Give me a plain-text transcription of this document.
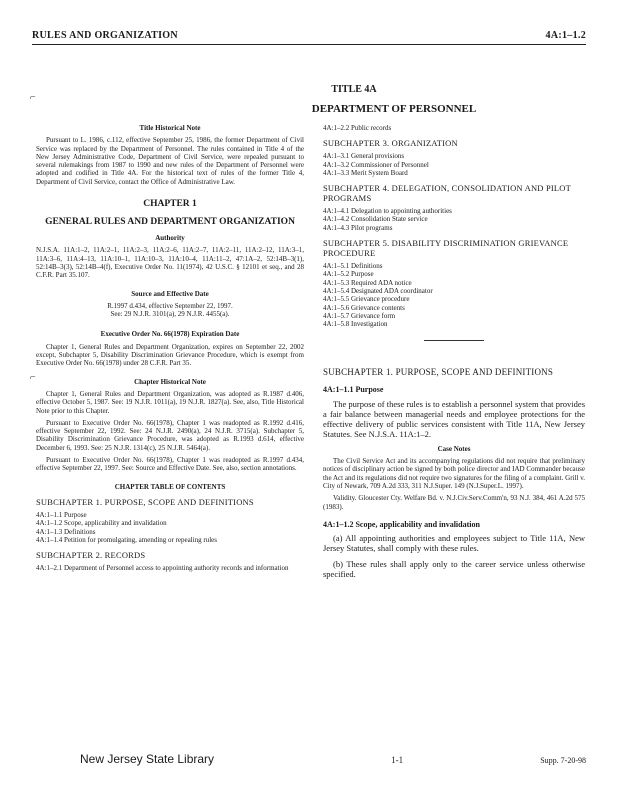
RULES AND ORGANIZATION	4A:1–1.2
⌐
⌐
TITLE 4A
DEPARTMENT OF PERSONNEL
Title Historical Note

Pursuant to L. 1986, c.112, effective September 25, 1986, the former Department of Civil Service was replaced by the Department of Personnel. The rules contained in Title 4 of the New Jersey Administrative Code, Department of Civil Service, were repealed pursuant to several rulemakings from 1987 to 1990 and new rules of the Department of Personnel were adopted and codified in Title 4A. For the historical text of rules of the former Title 4, Department of Civil Service, contact the Office of Administrative Law.

CHAPTER 1
GENERAL RULES AND DEPARTMENT ORGANIZATION
Authority

N.J.S.A. 11A:1–2, 11A:2–1, 11A:2–3, 11A:2–6, 11A:2–7, 11A:2–11, 11A:2–12, 11A:3–1, 11A:3–6, 11A:4–13, 11A:10–1, 11A:10–3, 11A:10–4, 11A:11–2, 47:1A–2, 52:14B–3(1), 52:14B–3(3), 52:14B–4(f), Executive Order No. 11(1974), 42 U.S.C. § 12101 et seq., and 28 C.F.R. Part 35.107.

Source and Effective Date

R.1997 d.434, effective September 22, 1997.

See: 29 N.J.R. 3101(a), 29 N.J.R. 4455(a).

Executive Order No. 66(1978) Expiration Date

Chapter 1, General Rules and Department Organization, expires on September 22, 2002 except, Subchapter 5, Disability Discrimination Grievance Procedure, which is exempt from Executive Order No. 66(1978) under 28 C.F.R. Part 35.

Chapter Historical Note

Chapter 1, General Rules and Department Organization, was adopted as R.1987 d.406, effective October 5, 1987. See: 19 N.J.R. 1011(a), 19 N.J.R. 1827(a). See, also, Title Historical Note prior to this Chapter.

Pursuant to Executive Order No. 66(1978), Chapter 1 was readopted as R.1992 d.416, effective September 22, 1992. See: 24 N.J.R. 2490(a), 24 N.J.R. 3715(a). Subchapter 5, Disability Discrimination Grievance Procedure, was adopted as R.1993 d.614, effective December 6, 1993. See: 25 N.J.R. 1314(c), 25 N.J.R. 5464(a).

Pursuant to Executive Order No. 66(1978), Chapter 1 was readopted as R.1997 d.434, effective September 22, 1997. See: Source and Effective Date. See, also, section annotations.

CHAPTER TABLE OF CONTENTS
SUBCHAPTER 1. PURPOSE, SCOPE AND DEFINITIONS
4A:1–1.1 Purpose
4A:1–1.2 Scope, applicability and invalidation
4A:1–1.3 Definitions
4A:1–1.4 Petition for promulgating, amending or repealing rules
SUBCHAPTER 2. RECORDS
4A:1–2.1 Department of Personnel access to appointing authority records and information
4A:1–2.2 Public records
SUBCHAPTER 3. ORGANIZATION
4A:1–3.1 General provisions
4A:1–3.2 Commissioner of Personnel
4A:1–3.3 Merit System Board
SUBCHAPTER 4. DELEGATION, CONSOLIDATION AND PILOT PROGRAMS
4A:1–4.1 Delegation to appointing authorities
4A:1–4.2 Consolidation State service
4A:1–4.3 Pilot programs
SUBCHAPTER 5. DISABILITY DISCRIMINATION GRIEVANCE PROCEDURE
4A:1–5.1 Definitions
4A:1–5.2 Purpose
4A:1–5.3 Required ADA notice
4A:1–5.4 Designated ADA coordinator
4A:1–5.5 Grievance procedure
4A:1–5.6 Grievance contents
4A:1–5.7 Grievance form
4A:1–5.8 Investigation
SUBCHAPTER 1. PURPOSE, SCOPE AND DEFINITIONS
4A:1–1.1 Purpose

The purpose of these rules is to establish a personnel system that provides a fair balance between managerial needs and employee protections for the effective delivery of public services consistent with Title 11A, New Jersey Statutes. See N.J.S.A. 11A:1–2.

Case Notes

The Civil Service Act and its accompanying regulations did not require that preliminary notices of disciplinary action be signed by both police director and IAD Commander because the Act and its regulations did not require two signatures for the filing of a complaint. Grill v. City of Newark, 709 A.2d 333, 311 N.J.Super. 149 (N.J.Super.L. 1997).

Validity. Gloucester Cty. Welfare Bd. v. N.J.Civ.Serv.Comm'n, 93 N.J. 384, 461 A.2d 575 (1983).

4A:1–1.2 Scope, applicability and invalidation

(a) All appointing authorities and employees subject to Title 11A, New Jersey Statutes, shall comply with these rules.

(b) These rules shall apply only to the career service unless otherwise specified.

New Jersey State Library	1-1	Supp. 7-20-98
